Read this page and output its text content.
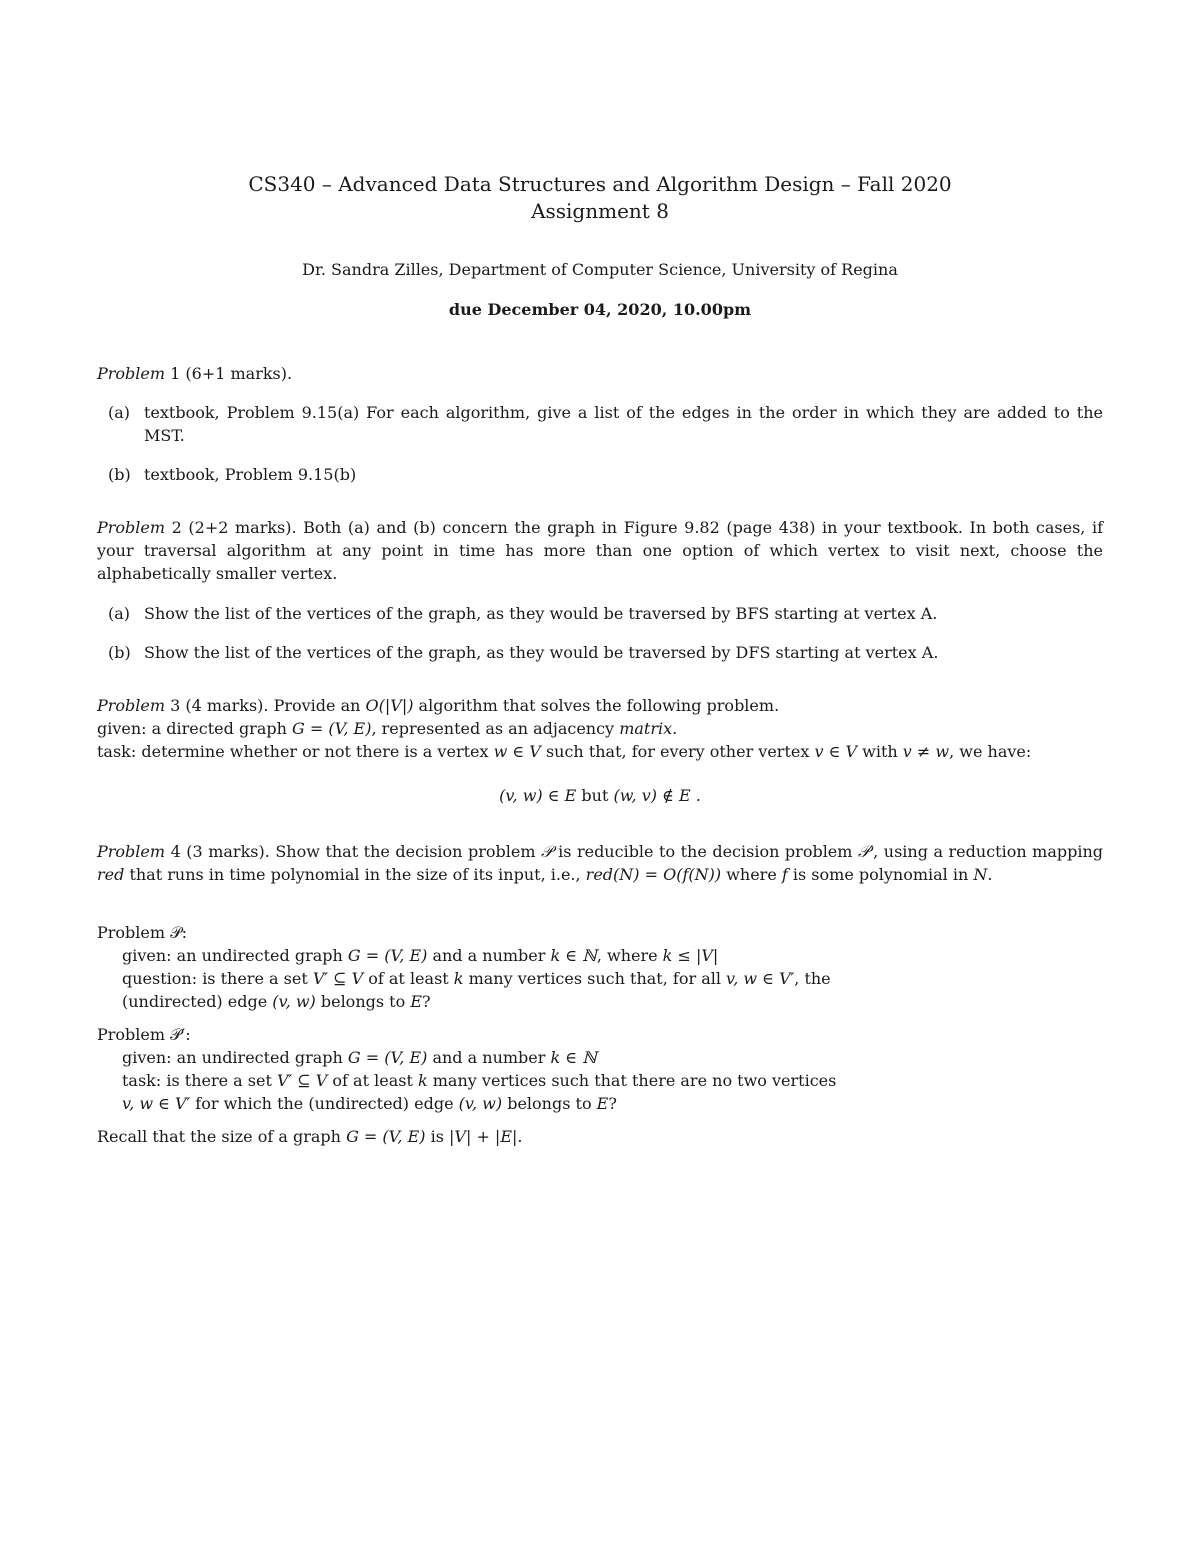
CS340 – Advanced Data Structures and Algorithm Design – Fall 2020
Assignment 8
Dr. Sandra Zilles, Department of Computer Science, University of Regina
due December 04, 2020, 10.00pm
Problem 1 (6+1 marks).
(a) textbook, Problem 9.15(a) For each algorithm, give a list of the edges in the order in which they are added to the MST.
(b) textbook, Problem 9.15(b)
Problem 2 (2+2 marks). Both (a) and (b) concern the graph in Figure 9.82 (page 438) in your textbook. In both cases, if your traversal algorithm at any point in time has more than one option of which vertex to visit next, choose the alphabetically smaller vertex.
(a) Show the list of the vertices of the graph, as they would be traversed by BFS starting at vertex A.
(b) Show the list of the vertices of the graph, as they would be traversed by DFS starting at vertex A.
Problem 3 (4 marks). Provide an O(|V|) algorithm that solves the following problem.
given: a directed graph G = (V, E), represented as an adjacency matrix.
task: determine whether or not there is a vertex w ∈ V such that, for every other vertex v ∈ V with v ≠ w, we have:
(v, w) ∈ E but (w, v) ∉ E .
Problem 4 (3 marks). Show that the decision problem 𝒫 is reducible to the decision problem 𝒫′, using a reduction mapping red that runs in time polynomial in the size of its input, i.e., red(N) = O(f(N)) where f is some polynomial in N.
Problem 𝒫:
given: an undirected graph G = (V, E) and a number k ∈ ℕ, where k ≤ |V|
question: is there a set V′ ⊆ V of at least k many vertices such that, for all v, w ∈ V′, the
(undirected) edge (v, w) belongs to E?
Problem 𝒫′:
given: an undirected graph G = (V, E) and a number k ∈ ℕ
task: is there a set V′ ⊆ V of at least k many vertices such that there are no two vertices
v, w ∈ V′ for which the (undirected) edge (v, w) belongs to E?
Recall that the size of a graph G = (V, E) is |V| + |E|.
